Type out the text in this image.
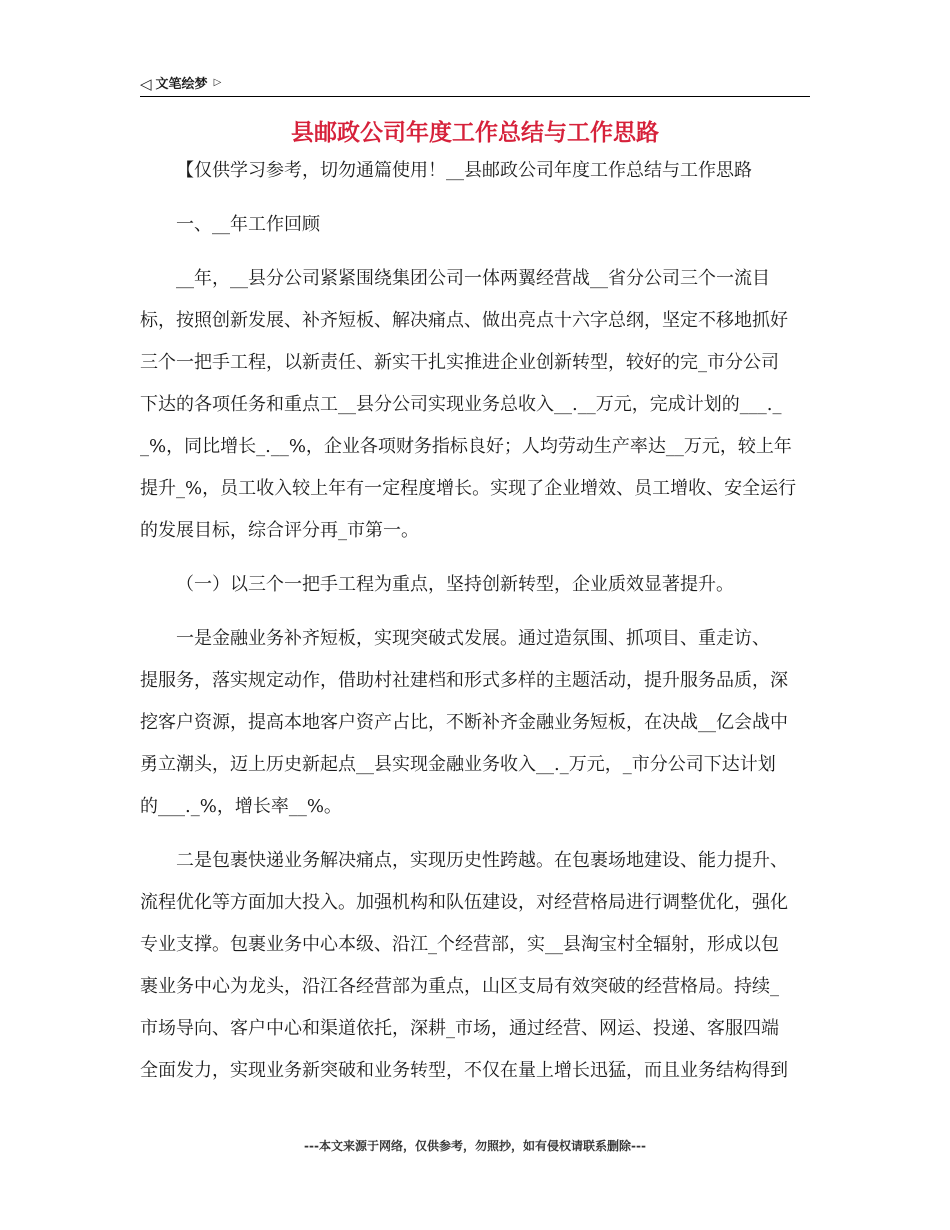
◁ 文笔绘梦 ▷
县邮政公司年度工作总结与工作思路
【仅供学习参考，切勿通篇使用！__县邮政公司年度工作总结与工作思路
一、__年工作回顾
__年，__县分公司紧紧围绕集团公司一体两翼经营战__省分公司三个一流目
标，按照创新发展、补齐短板、解决痛点、做出亮点十六字总纲，坚定不移地抓好
三个一把手工程，以新责任、新实干扎实推进企业创新转型，较好的完_市分公司
下达的各项任务和重点工__县分公司实现业务总收入__.__万元，完成计划的___._
_%，同比增长_.__%，企业各项财务指标良好；人均劳动生产率达__万元，较上年
提升_%，员工收入较上年有一定程度增长。实现了企业增效、员工增收、安全运行
的发展目标，综合评分再_市第一。
（一）以三个一把手工程为重点，坚持创新转型，企业质效显著提升。
一是金融业务补齐短板，实现突破式发展。通过造氛围、抓项目、重走访、
提服务，落实规定动作，借助村社建档和形式多样的主题活动，提升服务品质，深
挖客户资源，提高本地客户资产占比，不断补齐金融业务短板，在决战__亿会战中
勇立潮头，迈上历史新起点__县实现金融业务收入__._万元，_市分公司下达计划
的___._%，增长率__%。
二是包裹快递业务解决痛点，实现历史性跨越。在包裹场地建设、能力提升、
流程优化等方面加大投入。加强机构和队伍建设，对经营格局进行调整优化，强化
专业支撑。包裹业务中心本级、沿江_个经营部，实__县淘宝村全辐射，形成以包
裹业务中心为龙头，沿江各经营部为重点，山区支局有效突破的经营格局。持续_
市场导向、客户中心和渠道依托，深耕_市场，通过经营、网运、投递、客服四端
全面发力，实现业务新突破和业务转型，不仅在量上增长迅猛，而且业务结构得到
---本文来源于网络，仅供参考，勿照抄，如有侵权请联系删除---
